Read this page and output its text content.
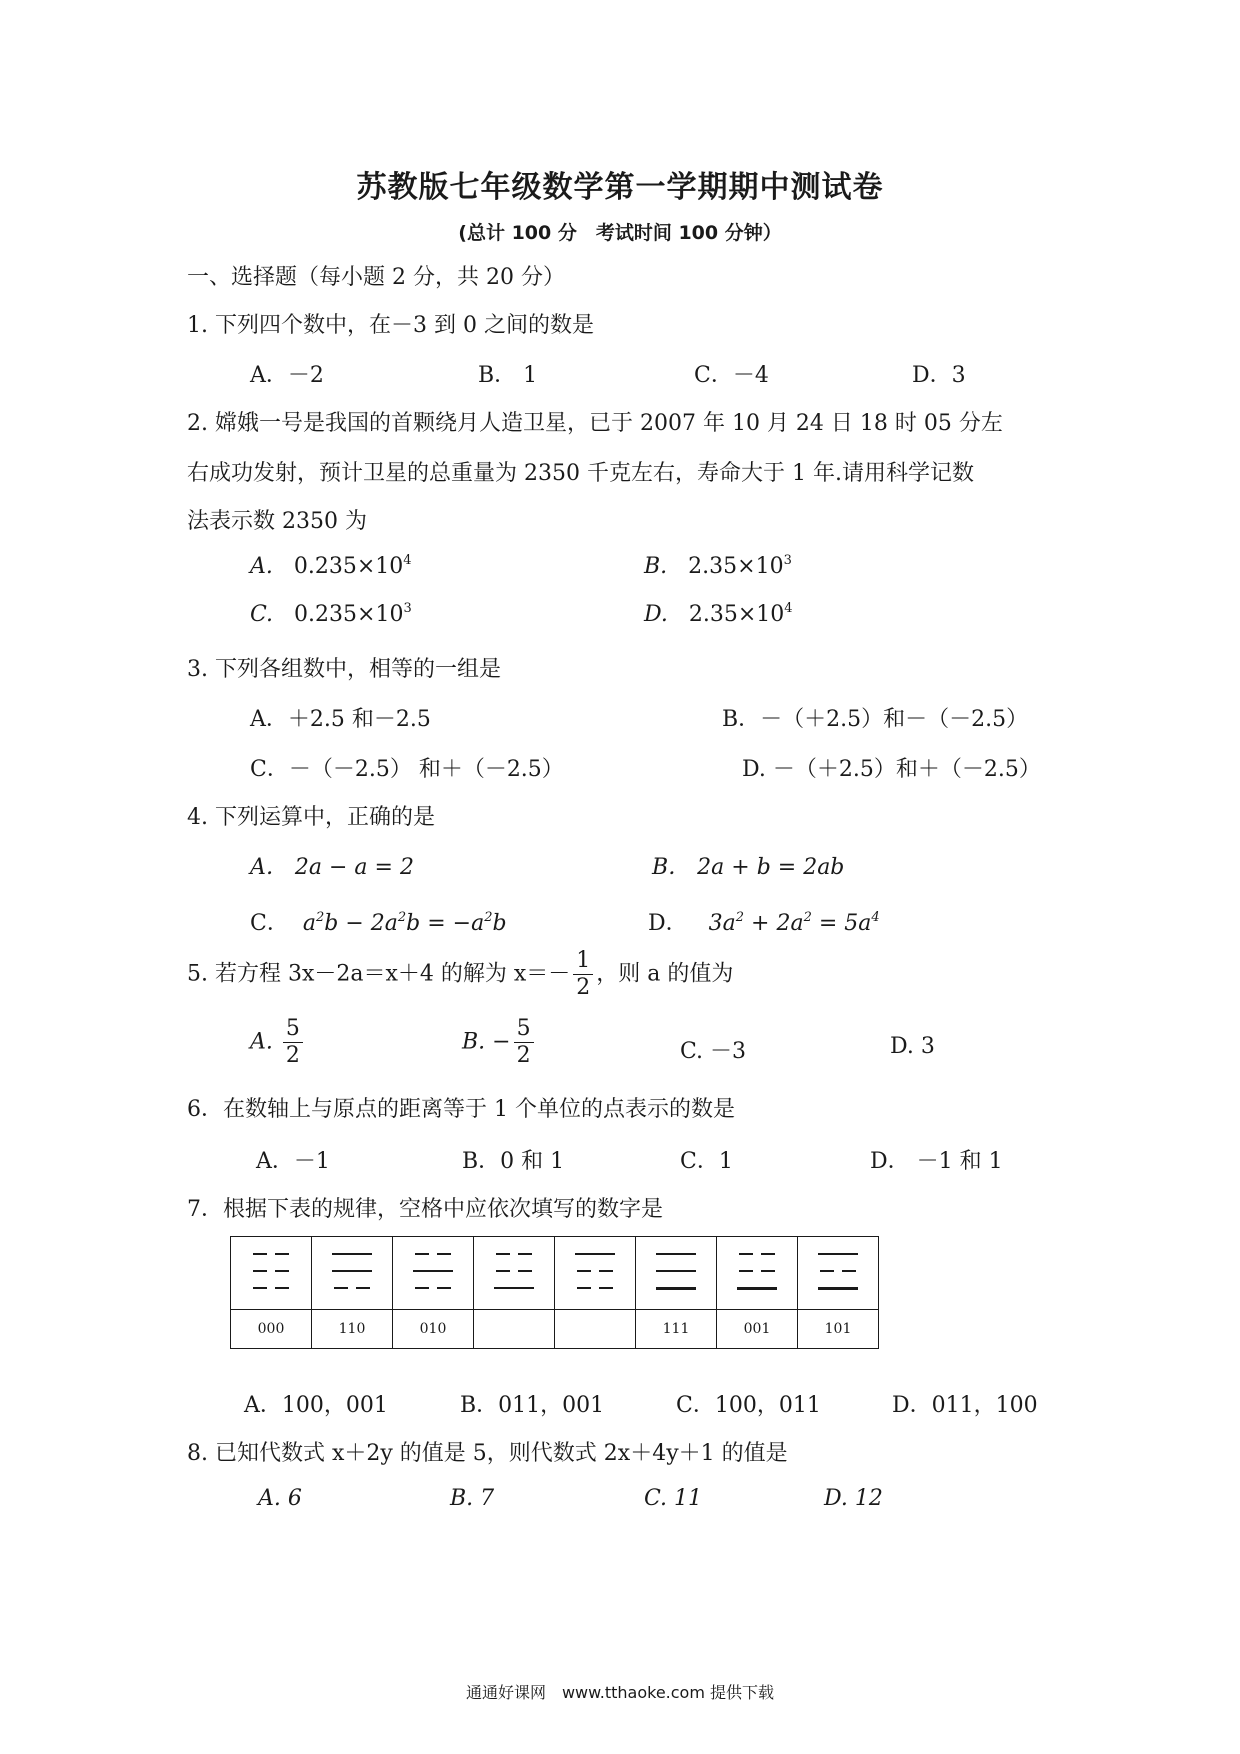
苏教版七年级数学第一学期期中测试卷
(总计 100 分　考试时间 100 分钟）
一、选择题（每小题 2 分，共 20 分）
1. 下列四个数中，在－3 到 0 之间的数是
A．－2	B． 1	C．－4	D．3
2. 嫦娥一号是我国的首颗绕月人造卫星，已于 2007 年 10 月 24 日 18 时 05 分左
右成功发射，预计卫星的总重量为 2350 千克左右，寿命大于 1 年.请用科学记数
法表示数 2350 为
A. $0.235\times 10^4$	B. $2.35\times 10^3$
C. $0.235\times 10^3$	D. $2.35\times 10^4$
3. 下列各组数中，相等的一组是
A．＋2.5 和－2.5	B．－（＋2.5）和－（－2.5）
C．－（－2.5） 和＋（－2.5）	D. －（＋2.5）和＋（－2.5）
4. 下列运算中，正确的是
A． 2a − a = 2	B． 2a + b = 2ab
C． $a^2b - 2a^2b = -a^2b$	D． $3a^2 + 2a^2 = 5a^4$
5. 若方程 3x－2a＝x＋4 的解为 $x=- \frac{1}{2}$ ，则 a 的值为
A. $\frac{5}{2}$	B. − $\frac{5}{2}$	C. －3	D. 3
6．在数轴上与原点的距离等于 1 个单位的点表示的数是
A．－1	B．0 和 1	C．1	D． －1 和 1
7．根据下表的规律，空格中应依次填写的数字是

000	110	010			111	001	101
A．100，001	B．011，001	C．100，011	D．011，100
8. 已知代数式 x＋2y 的值是 5，则代数式 2x＋4y＋1 的值是
A. 6	B. 7	C. 11	D. 12
通通好课网　www.tthaoke.com 提供下载
